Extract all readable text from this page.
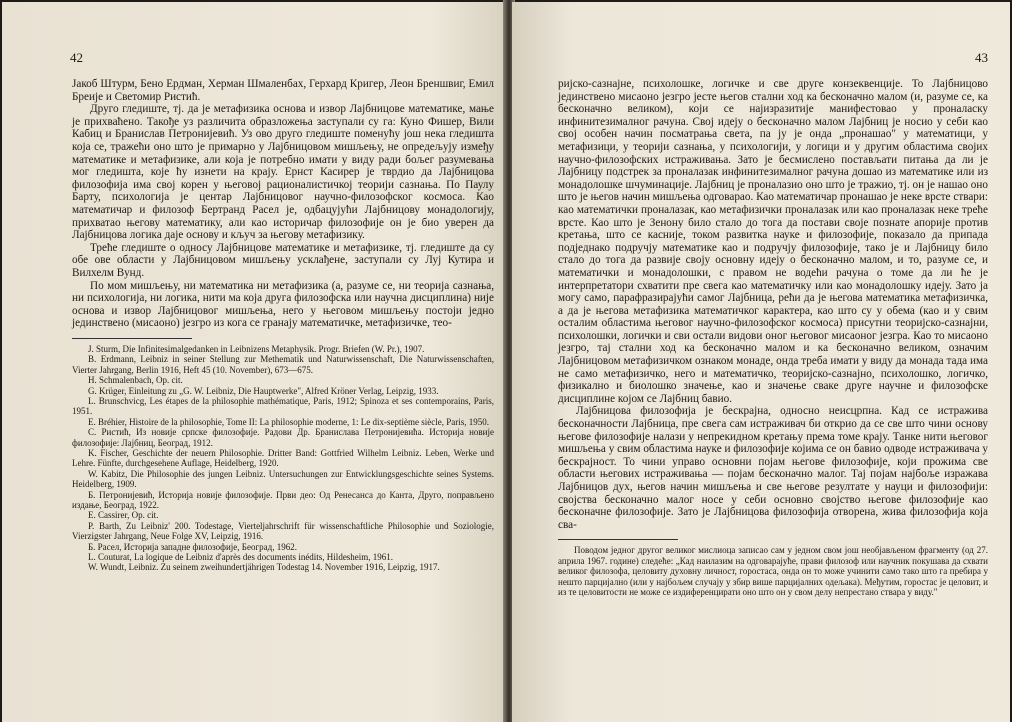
42

Јакоб Штурм, Бено Ердман, Херман Шмаленбах, Герхард Кригер, Леон Бреншвиг, Емил Бреије и Светомир Ристић.

Друго гледиште, тј. да је метафизика основа и извор Лајбницове математике, мање је прихваћено. Такође уз различита образложења заступали су га: Куно Фишер, Вили Кабиц и Бранислав Петронијевић. Уз ово друго гледиште поменућу још нека гледишта која се, тражећи оно што је примарно у Лајбницовом мишљењу, не опредељују између математике и метафизике, али која је потребно имати у виду ради бољег разумевања мог гледишта, које ћу изнети на крају. Ернст Касирер је тврдио да Лајбницова филозофија има свој корен у његовој рационалистичкој теорији сазнања. По Паулу Барту, психологија је центар Лајбницовог научно-филозофског космоса. Као математичар и филозоф Бертранд Расел је, одбацујући Лајбницову монадологију, прихватао његову математику, али као историчар филозофије он је био уверен да Лајбницова логика даје основу и кључ за његову метафизику.

Треће гледиште о односу Лајбницове математике и метафизике, тј. гледиште да су обе ове области у Лајбницовом мишљењу усклађене, заступали су Луј Кутира и Вилхелм Вунд.

По мом мишљењу, ни математика ни метафизика (а, разуме се, ни теорија сазнања, ни психологија, ни логика, нити ма која друга филозофска или научна дисциплина) није основа и извор Лајбницовог мишљења, него у његовом мишљењу постоји једно јединствено (мисаоно) језгро из кога се гранају математичке, метафизичке, тео-

J. Sturm, Die Infinitesimalgedanken in Leibnizens Metaphysik. Progr. Briefen (W. Pr.), 1907.
B. Erdmann, Leibniz in seiner Stellung zur Methematik und Naturwissenschaft, Die Naturwissenschaften, Vierter Jahrgang, Berlin 1916, Heft 45 (10. November), 673—675.
H. Schmalenbach, Op. cit.
G. Krüger, Einleitung zu „G. W. Leibniz, Die Hauptwerke", Alfred Kröner Verlag, Leipzig, 1933.
L. Brunschvicg, Les étapes de la philosophie mathématique, Paris, 1912; Spinoza et ses contemporains, Paris, 1951.
E. Bréhier, Histoire de la philosophie, Tome II: La philosophie moderne, 1: Le dix-septième siècle, Paris, 1950.
С. Ристић, Из новије српске филозофије. Радови Др. Бранислава Петронијевића. Историја новије филозофије: Лајбниц, Београд, 1912.
K. Fischer, Geschichte der neuern Philosophie. Dritter Band: Gottfried Wilhelm Leibniz. Leben, Werke und Lehre. Fünfte, durchgesehene Auflage, Heidelberg, 1920.
W. Kabitz, Die Philosophie des jungen Leibniz. Untersuchungen zur Entwicklungsgeschichte seines Systems. Heidelberg, 1909.
Б. Петронијевић, Историја новије филозофије. Први део: Од Ренесанса до Канта, Друго, поправљено издање, Београд, 1922.
E. Cassirer, Op. cit.
P. Barth, Zu Leibniz' 200. Todestage, Vierteljahrschrift für wissenschaftliche Philosophie und Soziologie, Vierzigster Jahrgang, Neue Folge XV, Leipzig, 1916.
Б. Расел, Историја западне филозофије, Београд, 1962.
L. Couturat, La logique de Leibniz d'après des documents inédits, Hildesheim, 1961.
W. Wundt, Leibniz. Zu seinem zweihundertjährigen Todestag 14. November 1916, Leipzig, 1917.
43

ријско-сазнајне, психолошке, логичке и све друге конзеквенције. То Лајбницово јединствено мисаоно језгро јесте његов стални ход ка бесконачно малом (и, разуме се, ка бесконачно великом), који се најизразитије манифестовао у проналаску инфинитезималног рачуна. Свој идеју о бесконачно малом Лајбниц је носио у себи као свој особен начин посматрања света, па ју је онда „пронашао" у математици, у метафизици, у теорији сазнања, у психологији, у логици и у другим областима својих научно-филозофских истраживања. Зато је бесмислено постављати питања да ли је Лајбницу подстрек за проналазак инфинитезималног рачуна дошао из математике или из монадолошке шчуминације. Лајбниц је проналазио оно што је тражио, тј. он је нашао оно што је његов начин мишљења одговарао. Као математичар пронашао је неке врсте ствари: као математички проналазак, као метафизички проналазак или као проналазак неке треће врсте. Као што је Зенону било стало до тога да постави своје познате апорије против кретања, што се касније, током развитка науке и филозофије, показало да припада подједнако подручју математике као и подручју филозофије, тако је и Лајбницу било стало до тога да развије своју основну идеју о бесконачно малом, и то, разуме се, и математички и монадолошки, с правом не водећи рачуна о томе да ли ће је интерпретатори схватити пре свега као математичку или као монадолошку идеју. Зато ја могу само, парафразирајући самог Лајбница, рећи да је његова математика метафизичка, а да је његова метафизика математичког карактера, као што су у обема (као и у свим осталим областима његовог научно-филозофског космоса) присутни теоријско-сазнајни, психолошки, логички и сви остали видови оног његовог мисаоног језгра. Као то мисаоно језгро, тај стални ход ка бесконачно малом и ка бесконачно великом, означим Лајбницовом метафизичком ознаком монаде, онда треба имати у виду да монада тада има не само метафизичко, него и математичко, теоријско-сазнајно, психолошко, логичко, физикално и биолошко значење, као и значење сваке друге научне и филозофске дисциплине којом се Лајбниц бавио.

Лајбницова филозофија је бескрајна, односно неисцрпна. Кад се истражива бесконачности Лајбница, пре свега сам истраживач би открио да се све што чини основу његове филозофије налази у непрекидном кретању према томе крају. Танке нити његовог мишљења у свим областима науке и филозофије којима се он бавио одводе истраживача у бескрајност. То чини управо основни појам његове филозофије, који прожима све области његових истраживања — појам бесконачно малог. Тај појам најбоље изражава Лајбницов дух, његов начин мишљења и све његове резултате у науци и филозофији: својства бесконачно малог носе у себи основно својство његове филозофије као бесконачне филозофије. Зато је Лајбницова филозофија отворена, жива филозофија која сва-

Поводом једног другог великог мислиоца записао сам у једном свом још необјављеном фрагменту (од 27. априла 1967. године) следеће: „Кад наилазим на одговарајуће, прави филозоф или научник покушава да схвати великог филозофа, целовиту духовну личност, горостаса, онда он то може учинити само тако што га пребира у нешто парцијално (или у најбољем случају у збир више парцијалних одељака). Међутим, горостас је целовит, и из те целовитости не може се издиференцирати оно што он у свом делу непрестано ствара у виду."
